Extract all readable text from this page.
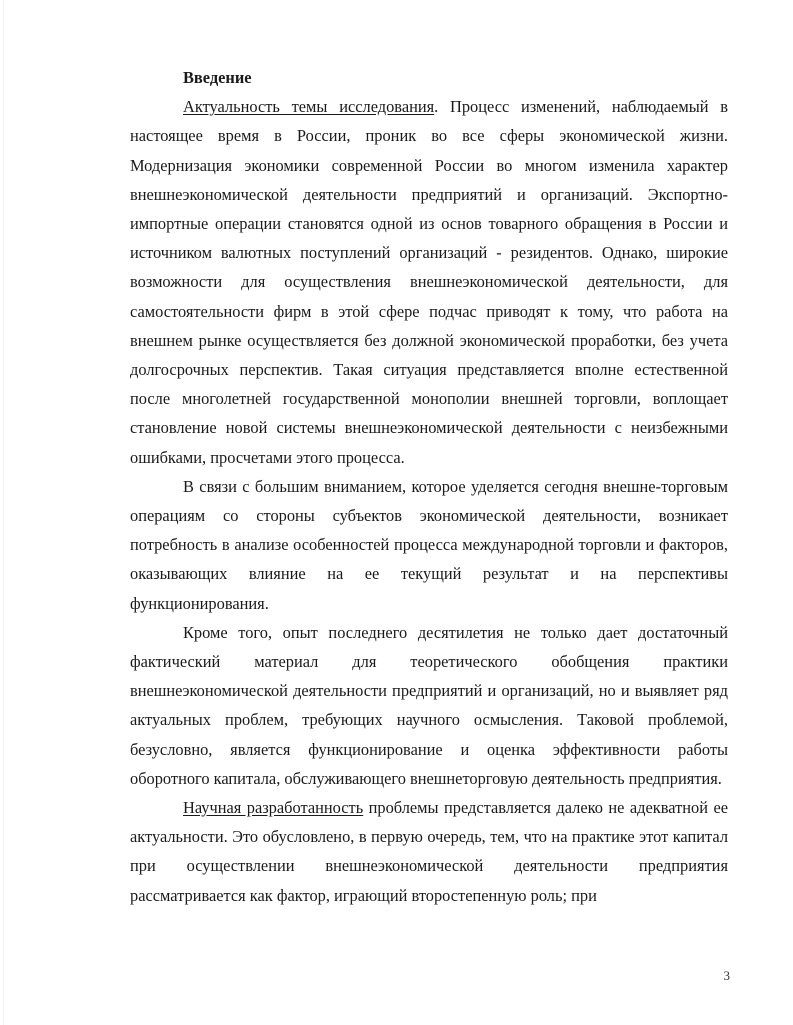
Введение

Актуальность темы исследования. Процесс изменений, наблюдаемый в настоящее время в России, проник во все сферы экономической жизни. Модернизация экономики современной России во многом изменила характер внешнеэкономической деятельности предприятий и организаций. Экспортно-импортные операции становятся одной из основ товарного обращения в России и источником валютных поступлений организаций - резидентов. Однако, широкие возможности для осуществления внешнеэкономической деятельности, для самостоятельности фирм в этой сфере подчас приводят к тому, что работа на внешнем рынке осуществляется без должной экономической проработки, без учета долгосрочных перспектив. Такая ситуация представляется вполне естественной после многолетней государственной монополии внешней торговли, воплощает становление новой системы внешнеэкономической деятельности с неизбежными ошибками, просчетами этого процесса.

В связи с большим вниманием, которое уделяется сегодня внешне-торговым операциям со стороны субъектов экономической деятельности, возникает потребность в анализе особенностей процесса международной торговли и факторов, оказывающих влияние на ее текущий результат и на перспективы функционирования.

Кроме того, опыт последнего десятилетия не только дает достаточный фактический материал для теоретического обобщения практики внешнеэкономической деятельности предприятий и организаций, но и выявляет ряд актуальных проблем, требующих научного осмысления. Таковой проблемой, безусловно, является функционирование и оценка эффективности работы оборотного капитала, обслуживающего внешнеторговую деятельность предприятия.

Научная разработанность проблемы представляется далеко не адекватной ее актуальности. Это обусловлено, в первую очередь, тем, что на практике этот капитал при осуществлении внешнеэкономической деятельности предприятия рассматривается как фактор, играющий второстепенную роль; при

3
